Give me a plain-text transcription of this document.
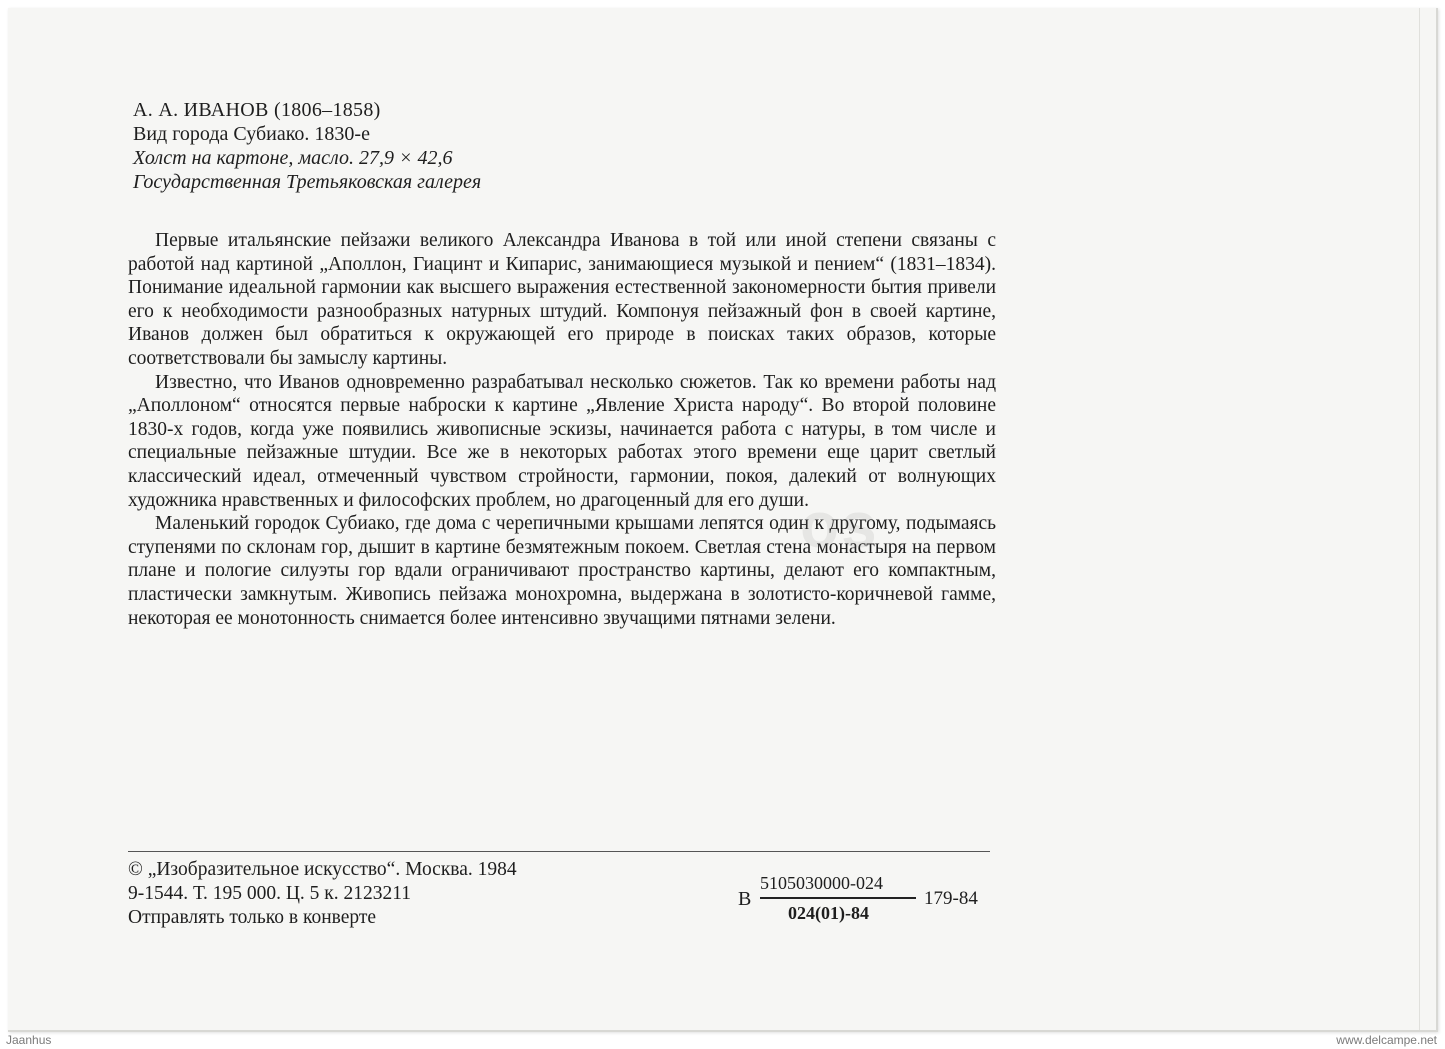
А. А. ИВАНОВ (1806–1858)
Вид города Субиако. 1830-е
Холст на картоне, масло. 27,9 × 42,6
Государственная Третьяковская галерея

Первые итальянские пейзажи великого Александра Иванова в той или иной степени связаны с работой над картиной „Аполлон, Гиацинт и Кипарис, занимающиеся музыкой и пением“ (1831–1834). Понимание идеальной гармонии как высшего выражения естественной закономерности бытия привели его к необходимости разнообразных натурных штудий. Компонуя пейзажный фон в своей картине, Иванов должен был обратиться к окружающей его природе в поисках таких образов, которые соответствовали бы замыслу картины.

Известно, что Иванов одновременно разрабатывал несколько сюжетов. Так ко времени работы над „Аполлоном“ относятся первые наброски к картине „Явление Христа народу“. Во второй половине 1830-х годов, когда уже появились живописные эскизы, начинается работа с натуры, в том числе и специальные пейзажные штудии. Все же в некоторых работах этого времени еще царит светлый классический идеал, отмеченный чувством стройности, гармонии, покоя, далекий от волнующих художника нравственных и философских проблем, но драгоценный для его души.

Маленький городок Субиако, где дома с черепичными крышами лепятся один к другому, подымаясь ступенями по склонам гор, дышит в картине безмятежным покоем. Светлая стена монастыря на первом плане и пологие силуэты гор вдали ограничивают пространство картины, делают его компактным, пластически замкнутым. Живопись пейзажа монохромна, выдержана в золотисто-коричневой гамме, некоторая ее монотонность снимается более интенсивно звучащими пятнами зелени.

os
© „Изобразительное искусство“. Москва. 1984
9-1544. Т. 195 000. Ц. 5 к. 2123211
Отправлять только в конверте
В
5105030000-024
024(01)-84
179-84
Jaanhus	www.delcampe.net
